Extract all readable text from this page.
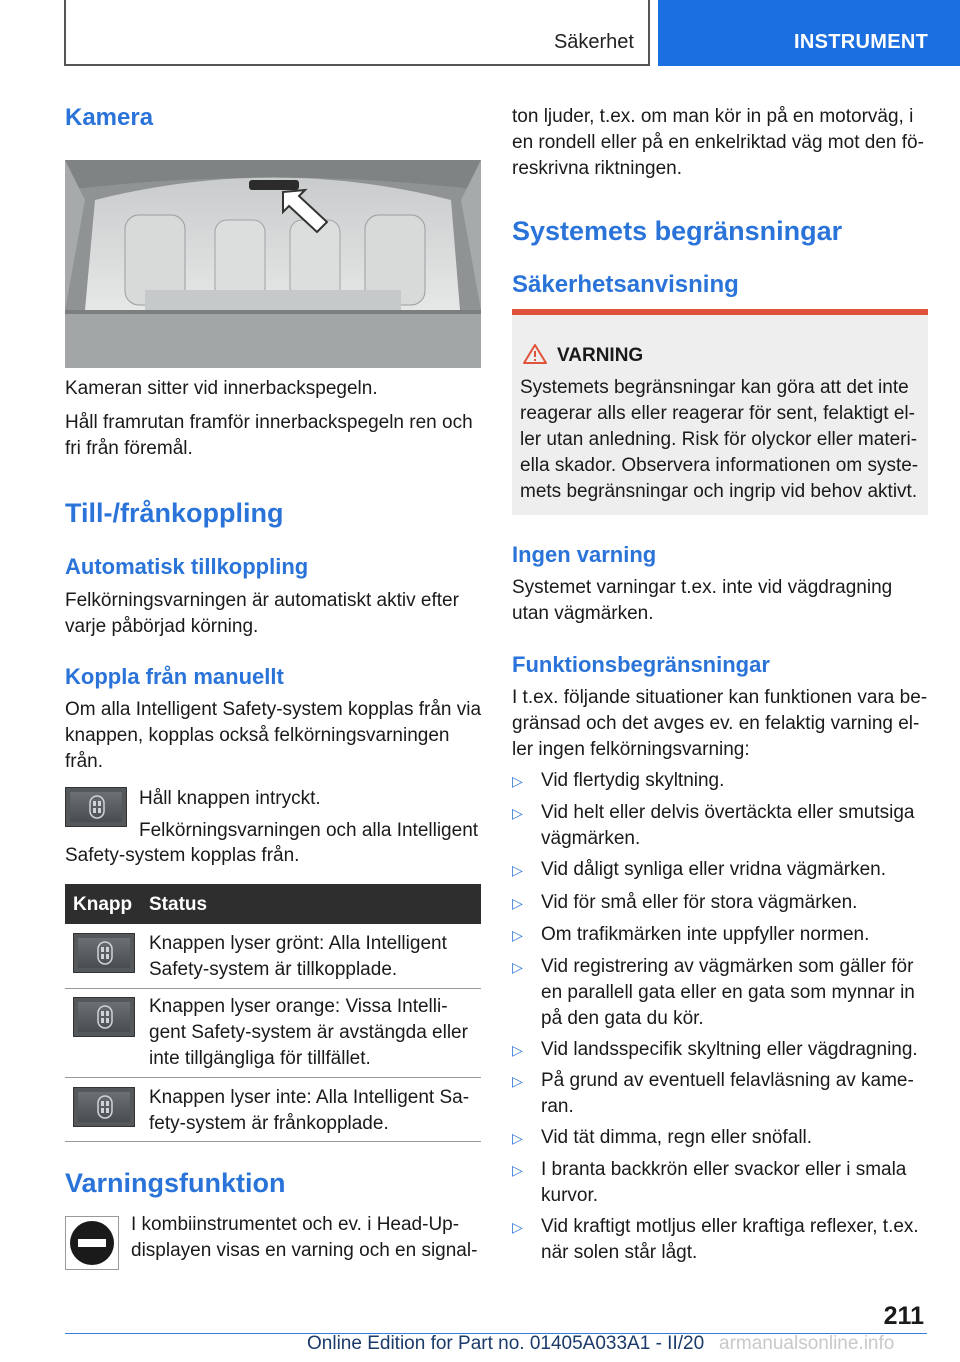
Säkerhet	INSTRUMENT
Kamera
Kameran sitter vid innerbackspegeln.
Håll framrutan framför innerbackspegeln ren och
fri från föremål.
Till-/frånkoppling
Automatisk tillkoppling
Felkörningsvarningen är automatiskt aktiv efter
varje påbörjad körning.
Koppla från manuellt
Om alla Intelligent Safety-system kopplas från via
knappen, kopplas också felkörningsvarningen
från.
Håll knappen intryckt.
Felkörningsvarningen och alla Intelligent
Safety-system kopplas från.
Knapp Status
Knappen lyser grönt: Alla Intelligent
Safety-system är tillkopplade.
Knappen lyser orange: Vissa Intelli-
gent Safety-system är avstängda eller
inte tillgängliga för tillfället.
Knappen lyser inte: Alla Intelligent Sa-
fety-system är frånkopplade.
Varningsfunktion
I kombiinstrumentet och ev. i Head-Up-
displayen visas en varning och en signal-
ton ljuder, t.ex. om man kör in på en motorväg, i
en rondell eller på en enkelriktad väg mot den fö-
reskrivna riktningen.
Systemets begränsningar
Säkerhetsanvisning
VARNING
Systemets begränsningar kan göra att det inte
reagerar alls eller reagerar för sent, felaktigt el-
ler utan anledning. Risk för olyckor eller materi-
ella skador. Observera informationen om syste-
mets begränsningar och ingrip vid behov aktivt.
Ingen varning
Systemet varningar t.ex. inte vid vägdragning
utan vägmärken.
Funktionsbegränsningar
I t.ex. följande situationer kan funktionen vara be-
gränsad och det avges ev. en felaktig varning el-
ler ingen felkörningsvarning:
▷ Vid flertydig skyltning.
▷ Vid helt eller delvis övertäckta eller smutsiga
vägmärken.
▷ Vid dåligt synliga eller vridna vägmärken.
▷ Vid för små eller för stora vägmärken.
▷ Om trafikmärken inte uppfyller normen.
▷ Vid registrering av vägmärken som gäller för
en parallell gata eller en gata som mynnar in
på den gata du kör.
▷ Vid landsspecifik skyltning eller vägdragning.
▷ På grund av eventuell felavläsning av kame-
ran.
▷ Vid tät dimma, regn eller snöfall.
▷ I branta backkrön eller svackor eller i smala
kurvor.
▷ Vid kraftigt motljus eller kraftiga reflexer, t.ex.
när solen står lågt.
211
Online Edition for Part no. 01405A033A1 - II/20 armanualsonline.info
